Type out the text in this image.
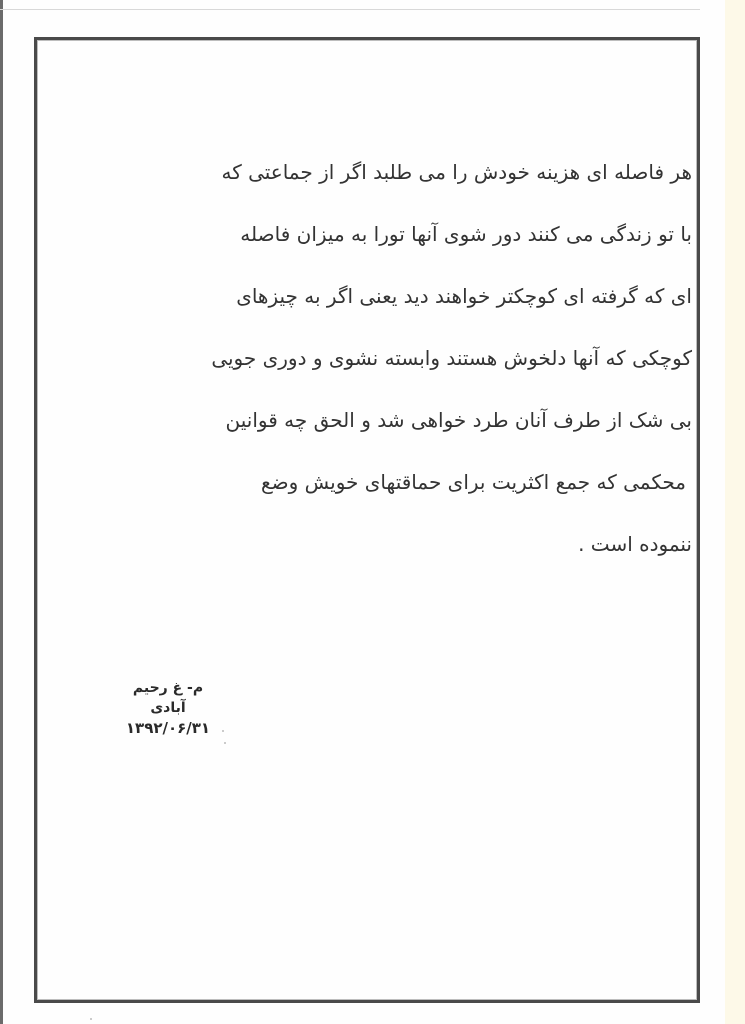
هر فاصله ای هزینه خودش را می طلبد اگر از جماعتی که

با تو زندگی می کنند دور شوی آنها تورا به میزان فاصله

ای که گرفته ای کوچکتر خواهند دید یعنی اگر به چیزهای

کوچکی که آنها دلخوش هستند وابسته نشوی و دوری جویی

بی شک از طرف آنان طرد خواهی شد و الحق چه قوانین

محکمی که جمع اکثریت برای حماقتهای خویش وضع

ننموده است .

م- غ رحیم آبادی
۱۳۹۲/۰۶/۳۱
